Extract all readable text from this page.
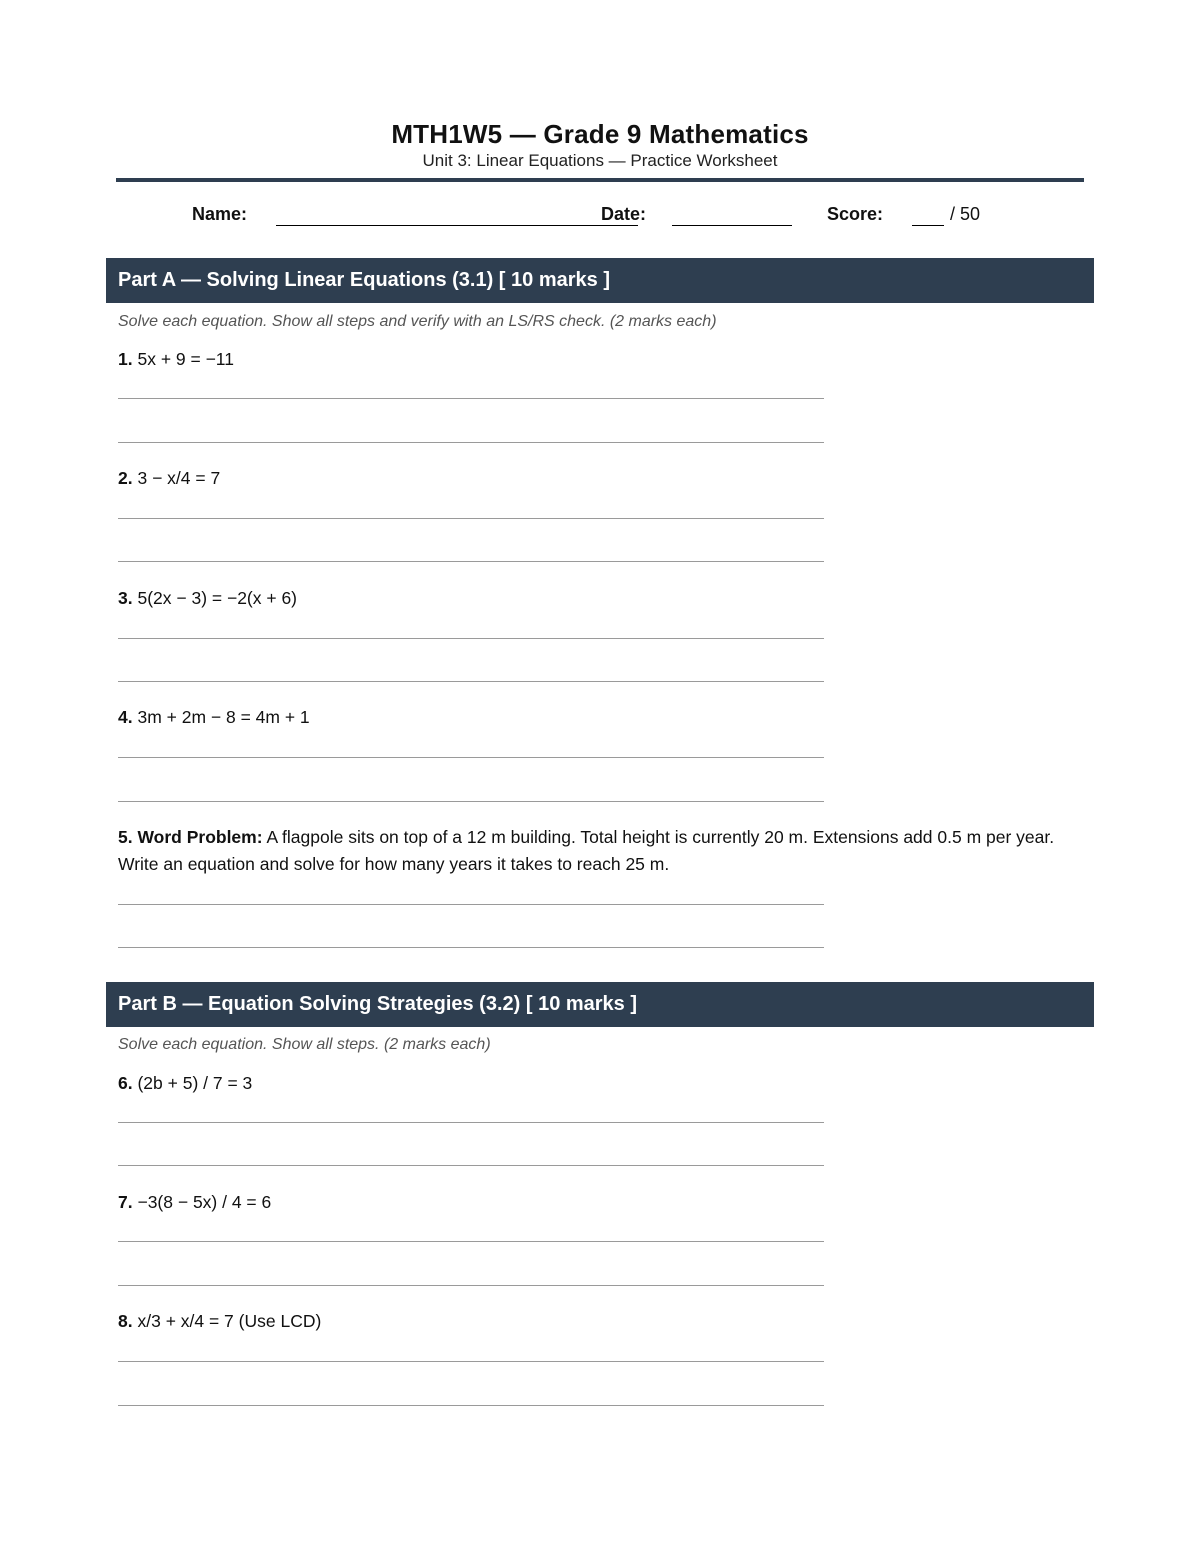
MTH1W5 — Grade 9 Mathematics
Unit 3: Linear Equations — Practice Worksheet
Name:	Date:	Score:	/ 50
Part A — Solving Linear Equations (3.1) [ 10 marks ]
Solve each equation. Show all steps and verify with an LS/RS check. (2 marks each)
1. 5x + 9 = −11
2. 3 − x/4 = 7
3. 5(2x − 3) = −2(x + 6)
4. 3m + 2m − 8 = 4m + 1
5. Word Problem: A flagpole sits on top of a 12 m building. Total height is currently 20 m. Extensions add 0.5 m per year. Write an equation and solve for how many years it takes to reach 25 m.
Part B — Equation Solving Strategies (3.2) [ 10 marks ]
Solve each equation. Show all steps. (2 marks each)
6. (2b + 5) / 7 = 3
7. −3(8 − 5x) / 4 = 6
8. x/3 + x/4 = 7 (Use LCD)
